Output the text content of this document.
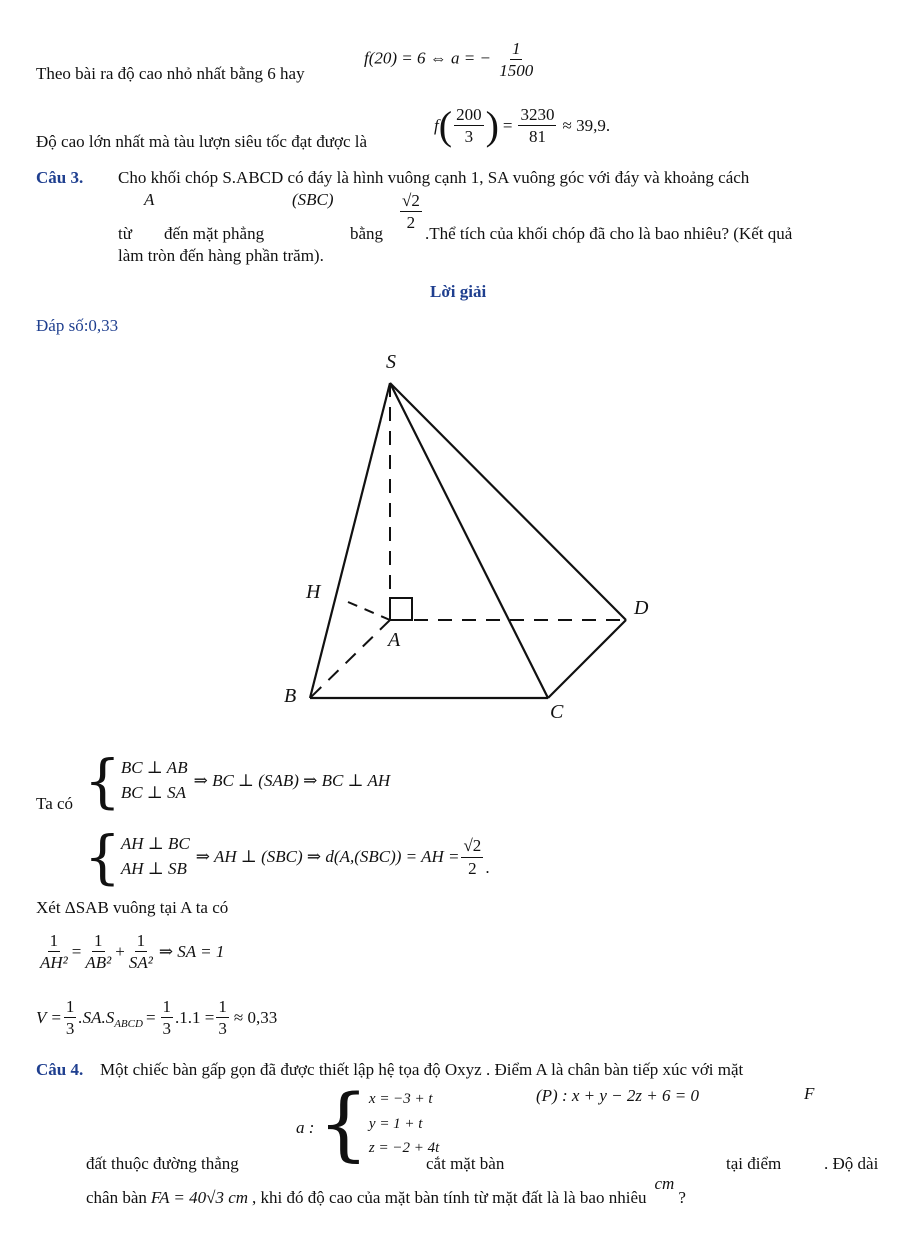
Theo bài ra độ cao nhỏ nhất bằng 6 hay
f(20) = 6 ⇔ a = − $\frac{1}{1500}$
Độ cao lớn nhất mà tàu lượn siêu tốc đạt được là
f ( $\frac{200}{3}$ ) = $\frac{3230}{81} \approx 39,9$.
Câu 3. Cho khối chóp S.ABCD có đáy là hình vuông cạnh 1, SA vuông góc với đáy và khoảng cách
A	(SBC)	$\frac{√2}{2}$
từ đến mặt phẳng	bằng .Thể tích của khối chóp đã cho là bao nhiêu? (Kết quả
làm tròn đến hàng phần trăm).
Lời giải
Đáp số:0,33
S
H
A
B
C
D
Ta có { BC ⊥ AB
BC ⊥ SA
⇒ BC ⊥ (SAB) ⇒ BC ⊥ AH
{ AH ⊥ BC
AH ⊥ SB
⇒ AH ⊥ (SBC) ⇒ d(A,(SBC)) = AH = $\frac{√2}{2}$ .
Xét ΔSAB vuông tại A ta có
$\frac{1}{\text{AH²}} = \frac{1}{\text{AB²}} + \frac{1}{\text{SA²}}$ ⇒ SA = 1
$V = \frac{1}{3} .SA.S$ ABCD = $\frac{1}{3} .1.1 = \frac{1}{3} \approx 0,33$
Câu 4. Một chiếc bàn gấp gọn đã được thiết lập hệ tọa độ Oxyz . Điểm A là chân bàn tiếp xúc với mặt
a : { x = −3 + t
y = 1 + t
z = −2 + 4t
(P) : x + y − 2z + 6 = 0	F
đất thuộc đường thẳng	cắt mặt bàn	tại điểm	. Độ dài
chân bàn FA = 40√3 cm , khi đó độ cao của mặt bàn tính từ mặt đất là là bao nhiêu
cm
?
